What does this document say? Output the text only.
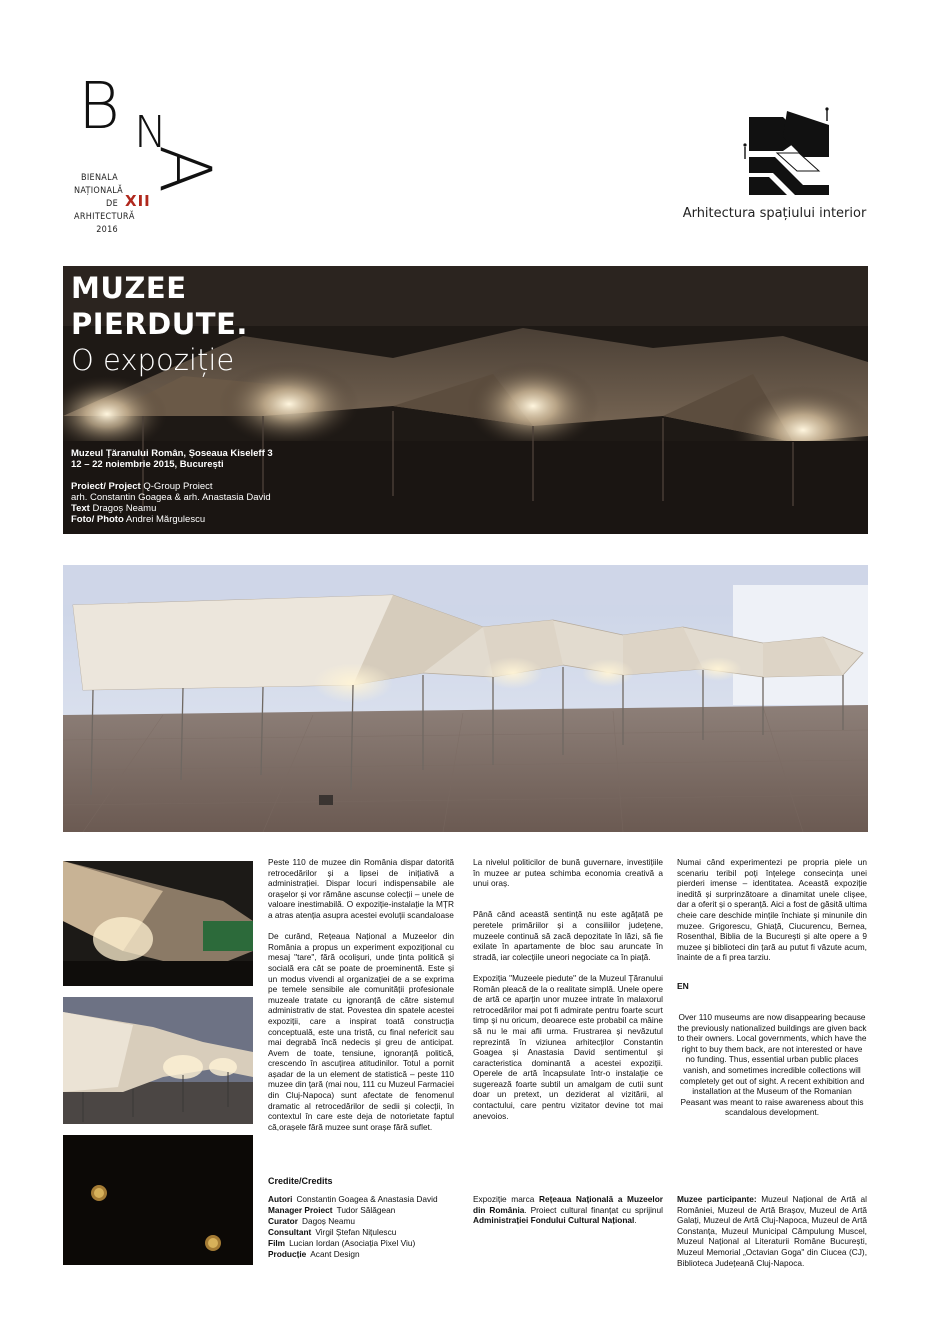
B N
A
BIENALA
NAȚIONALĂ
DE
ARHITECTURĂ
2016
XII
Arhitectura spațiului interior
MUZEE
PIERDUTE.
O expoziție
Muzeul Țăranului Român, Șoseaua Kiseleff 3
12 – 22 noiembrie 2015, București
Proiect/ Project Q-Group Proiect
arh. Constantin Goagea & arh. Anastasia David
Text Dragoș Neamu
Foto/ Photo Andrei Mărgulescu

Peste 110 de muzee din România dispar datorită retrocedărilor și a lipsei de inițiativă a administrației. Dispar locuri indispensabile ale orașelor și vor rămâne ascunse colecții – unele de valoare inestimabilă. O expoziție-instalație la MȚR a atras atenția asupra acestei evoluții scandaloase

De curând, Rețeaua Național a Muzeelor din România a propus un experiment expozițional cu mesaj "tare", fără ocolișuri, unde ținta politică și socială era cât se poate de proeminentă. Este și un modus vivendi al organizației de a se exprima pe temele sensibile ale comunității profesionale muzeale tratate cu ignoranță de către sistemul administrativ de stat. Povestea din spatele acestei expoziții, care a inspirat toată construcția conceptuală, este una tristă, cu final nefericit sau mai degrabă încă nedecis și greu de anticipat. Avem de toate, tensiune, ignoranță politică, crescendo în ascuțirea atitudinilor. Totul a pornit așadar de la un element de statistică – peste 110 muzee din țară (mai nou, 111 cu Muzeul Farmaciei din Cluj-Napoca) sunt afectate de fenomenul dramatic al retrocedărilor de sedii și colecții, în contextul în care este deja de notorietate faptul că,orașele fără muzee sunt orașe fără suflet.

La nivelul politicilor de bună guvernare, investițiile în muzee ar putea schimba economia creativă a unui oraș.

Până când această sentință nu este agățată pe peretele primăriilor și a consiliilor județene, muzeele continuă să zacă depozitate în lăzi, să fie exilate în apartamente de bloc sau aruncate în stradă, iar colecțiile uneori negociate ca în piață.

Expoziția "Muzeele piedute" de la Muzeul Țăranului Român pleacă de la o realitate simplă. Unele opere de artă ce aparțin unor muzee intrate în malaxorul retrocedărilor mai pot fi admirate pentru foarte scurt timp și nu oricum, deoarece este probabil ca mâine să nu le mai afli urma. Frustrarea și nevăzutul reprezintă în viziunea arhitecților Constantin Goagea și Anastasia David sentimentul și caracteristica dominantă a acestei expoziții. Operele de artă încapsulate într-o instalație ce sugerează foarte subtil un amalgam de cutii sunt doar un pretext, un deziderat al vizitării, al contactului, care pentru vizitator devine tot mai anevoios.

Numai când experimentezi pe propria piele un scenariu teribil poți înțelege consecința unei pierderi imense – identitatea. Această expoziție inedită și surprinzătoare a dinamitat unele clișee, dar a oferit și o speranță. Aici a fost de găsită ultima cheie care deschide mințile închiate și minunile din muzee. Grigorescu, Ghiață, Ciucurencu, Bernea, Rosenthal, Biblia de la București și alte opere a 9 muzee și biblioteci din țară au putut fi văzute acum, înainte de a fi prea tarziu.

EN
Over 110 museums are now disappearing because the previously nationalized buildings are given back to their owners. Local governments, which have the right to buy them back, are not interested or have no funding. Thus, essential urban public places vanish, and sometimes incredible collections will completely get out of sight. A recent exhibition and installation at the Museum of the Romanian Peasant was meant to raise awareness about this scandalous development.
Credite/Credits
Autori Constantin Goagea & Anastasia David
Manager Proiect Tudor Sălăgean
Curator Dagoș Neamu
Consultant Virgil Ștefan Nițulescu
Film Lucian Iordan (Asociația Pixel Viu)
Producție Acant Design
Expoziție marca Rețeaua Națională a Muzeelor din România. Proiect cultural finanțat cu sprijinul Administrației Fondului Cultural Național.
Muzee participante: Muzeul Național de Artă al României, Muzeul de Artă Brașov, Muzeul de Artă Galați, Muzeul de Artă Cluj-Napoca, Muzeul de Artă Constanța, Muzeul Municipal Câmpulung Muscel, Muzeul Național al Literaturii Române București, Muzeul Memorial „Octavian Goga" din Ciucea (CJ), Biblioteca Județeană Cluj-Napoca.
